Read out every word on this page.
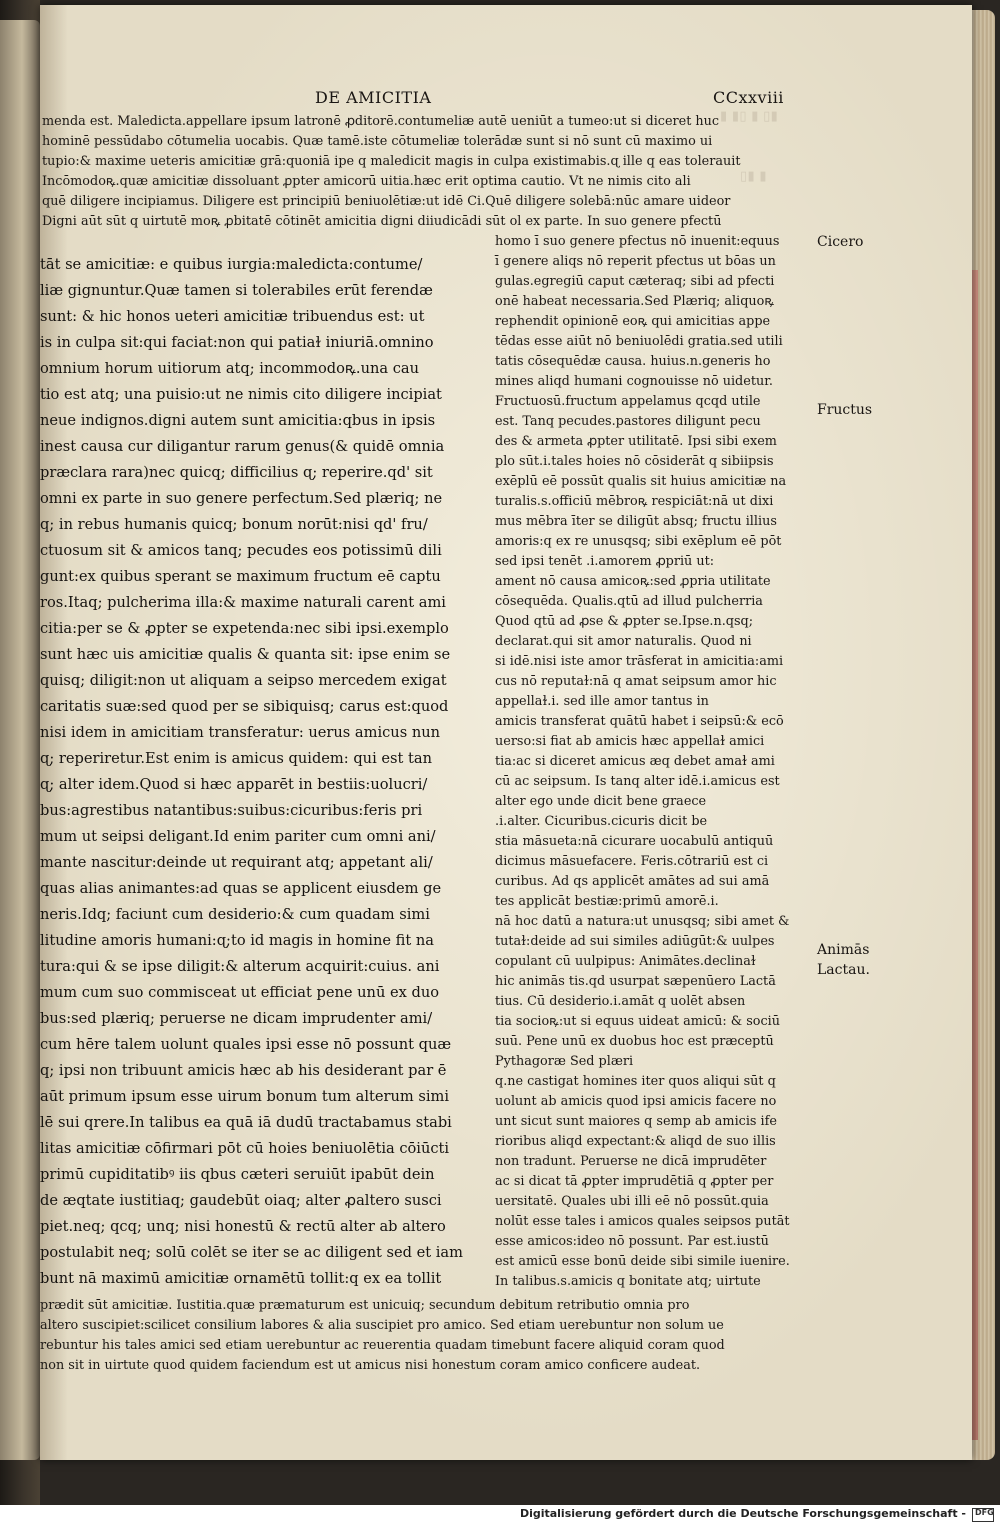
▮ ▮▯ ▮ ▯▮
▯▮ ▮
DE AMICITIA	CCxxviii
menda est. Maledicta.appellare ipsum latronē ꝓditorē.contumeliæ autē ueniūt a tumeo:ut si diceret huc
hominē pessūdabo cōtumelia uocabis. Quæ tamē.iste cōtumeliæ tolerādæ sunt si nō sunt cū maximo ui
tupio:& maxime ueteris amicitiæ grā:quoniā ipe q maledicit magis in culpa existimabis.ɋ ille q eas tolerauit
Incōmodoꝶ.quæ amicitiæ dissoluant ꝓpter amicorū uitia.hæc erit optima cautio. Vt ne nimis cito ali
quē diligere incipiamus. Diligere est principiū beniuolētiæ:ut idē Ci.Quē diligere solebā:nūc amare uideor
Digni aūt sūt q uirtutē moꝶ ꝓbitatē cōtinēt amicitia digni diiudicādi sūt ol ex parte. In suo genere pfectū
tāt se amicitiæ: e quibus iurgia:maledicta:contume/
liæ gignuntur.Quæ tamen si tolerabiles erūt ferendæ
sunt: & hic honos ueteri amicitiæ tribuendus est: ut
is in culpa sit:qui faciat:non qui patiaɫ iniuriā.omnino
omnium horum uitiorum atq; incommodoꝶ.una cau
tio est atq; una puisio:ut ne nimis cito diligere incipiat
neue indignos.digni autem sunt amicitia:qbus in ipsis
inest causa cur diligantur rarum genus(& quidē omnia
præclara rara)nec quicq; difficilius ɋ; reperire.qd' sit
omni ex parte in suo genere perfectum.Sed plæriq; ne
q; in rebus humanis quicq; bonum norūt:nisi qd' fru/
ctuosum sit & amicos tanq; pecudes eos potissimū dili
gunt:ex quibus sperant se maximum fructum eē captu
ros.Itaq; pulcherima illa:& maxime naturali carent ami
citia:per se & ꝓpter se expetenda:nec sibi ipsi.exemplo
sunt hæc uis amicitiæ qualis & quanta sit: ipse enim se
quisq; diligit:non ut aliquam a seipso mercedem exigat
caritatis suæ:sed quod per se sibiquisq; carus est:quod
nisi idem in amicitiam transferatur: uerus amicus nun
ɋ; reperiretur.Est enim is amicus quidem: qui est tan
ɋ; alter idem.Quod si hæc apparēt in bestiis:uolucri/
bus:agrestibus natantibus:suibus:cicuribus:feris pri
mum ut seipsi deligant.Id enim pariter cum omni ani/
mante nascitur:deinde ut requirant atq; appetant ali/
quas alias animantes:ad quas se applicent eiusdem ge
neris.Idq; faciunt cum desiderio:& cum quadam simi
litudine amoris humani:ɋ;to id magis in homine fit na
tura:qui & se ipse diligit:& alterum acquirit:cuius. ani
mum cum suo commisceat ut efficiat pene unū ex duo
bus:sed plæriq; peruerse ne dicam imprudenter ami/
cum hēre talem uolunt quales ipsi esse nō possunt quæ
q; ipsi non tribuunt amicis hæc ab his desiderant par ē
aūt primum ipsum esse uirum bonum tum alterum simi
lē sui qrere.In talibus ea quā iā dudū tractabamus stabi
litas amicitiæ cōfirmari pōt cū hoies beniuolētia cōiūcti
primū cupiditatibꝰ iis qbus cæteri seruiūt ipabūt dein
de æqtate iustitiaq; gaudebūt oiaq; alter ꝓaltero susci
piet.neq; qcq; unq; nisi honestū & rectū alter ab altero
postulabit neq; solū colēt se iter se ac diligent sed et iam
bunt nā maximū amicitiæ ornamētū tollit:q ex ea tollit
homo ī suo genere pfectus nō inuenit:equus
ī genere aliqs nō reperit pfectus ut bōas un
gulas.egregiū caput cæteraq; sibi ad pfecti
onē habeat necessaria.Sed Plæriq; aliquoꝶ
rephendit opinionē eoꝶ qui amicitias appe
tēdas esse aiūt nō beniuolēdi gratia.sed utili
tatis cōsequēdæ causa. huius.n.generis ho
mines aliqd humani cognouisse nō uidetur.
Fructuosū.fructum appelamus qcqd utile
est. Tanq pecudes.pastores diligunt pecu
des & armeta ꝓpter utilitatē. Ipsi sibi exem
plo sūt.i.tales hoies nō cōsiderāt q sibiipsis
exēplū eē possūt qualis sit huius amicitiæ na
turalis.s.officiū mēbroꝶ respiciāt:nā ut dixi
mus mēbra īter se diligūt absq; fructu illius
amoris:q ex re unusqsq; sibi exēplum eē pōt
sed ipsi tenēt .i.amorem ꝓpriū ut:
ament nō causa amicoꝶ:sed ꝓpria utilitate
cōsequēda. Qualis.qtū ad illud pulcherria
Quod qtū ad ꝓse & ꝓpter se.Ipse.n.qsq;
declarat.qui sit amor naturalis. Quod ni
si idē.nisi iste amor trāsferat in amicitia:ami
cus nō reputaɫ:nā q amat seipsum amor hic
appellaɫ.i. sed ille amor tantus in
amicis transferat quātū habet i seipsū:& ecō
uerso:si fiat ab amicis hæc appellaɫ amici
tia:ac si diceret amicus æq debet amaɫ ami
cū ac seipsum. Is tanq alter idē.i.amicus est
alter ego unde dicit bene graece
.i.alter. Cicuribus.cicuris dicit be
stia māsueta:nā cicurare uocabulū antiquū
dicimus māsuefacere. Feris.cōtrariū est ci
curibus. Ad qs applicēt amātes ad sui amā
tes applicāt bestiæ:primū amorē.i.
nā hoc datū a natura:ut unusqsq; sibi amet &
tutaɫ:deide ad sui similes adiūgūt:& uulpes
copulant cū uulpipus: Animātes.declinaɫ
hic animās tis.qd usurpat sæpenūero Lactā
tius. Cū desiderio.i.amāt q uolēt absen
tia socioꝶ:ut si equus uideat amicū: & sociū
suū. Pene unū ex duobus hoc est præceptū
Pythagoræ Sed plæri
q.ne castigat homines iter quos aliqui sūt q
uolunt ab amicis quod ipsi amicis facere no
unt sicut sunt maiores q semp ab amicis ife
rioribus aliqd expectant:& aliqd de suo illis
non tradunt. Peruerse ne dicā imprudēter
ac si dicat tā ꝓpter imprudētiā q ꝓpter per
uersitatē. Quales ubi illi eē nō possūt.quia
nolūt esse tales i amicos quales seipsos putāt
esse amicos:ideo nō possunt. Par est.iustū
est amicū esse bonū deide sibi simile iuenire.
In talibus.s.amicis q bonitate atq; uirtute
prædit sūt amicitiæ. Iustitia.quæ præmaturum est unicuiq; secundum debitum retributio omnia pro
altero suscipiet:scilicet consilium labores & alia suscipiet pro amico. Sed etiam uerebuntur non solum ue
rebuntur his tales amici sed etiam uerebuntur ac reuerentia quadam timebunt facere aliquid coram quod
non sit in uirtute quod quidem faciendum est ut amicus nisi honestum coram amico conficere audeat.
Cicero
Fructus
Animās
Lactau.
Digitalisierung gefördert durch die Deutsche Forschungsgemeinschaft - DFG
